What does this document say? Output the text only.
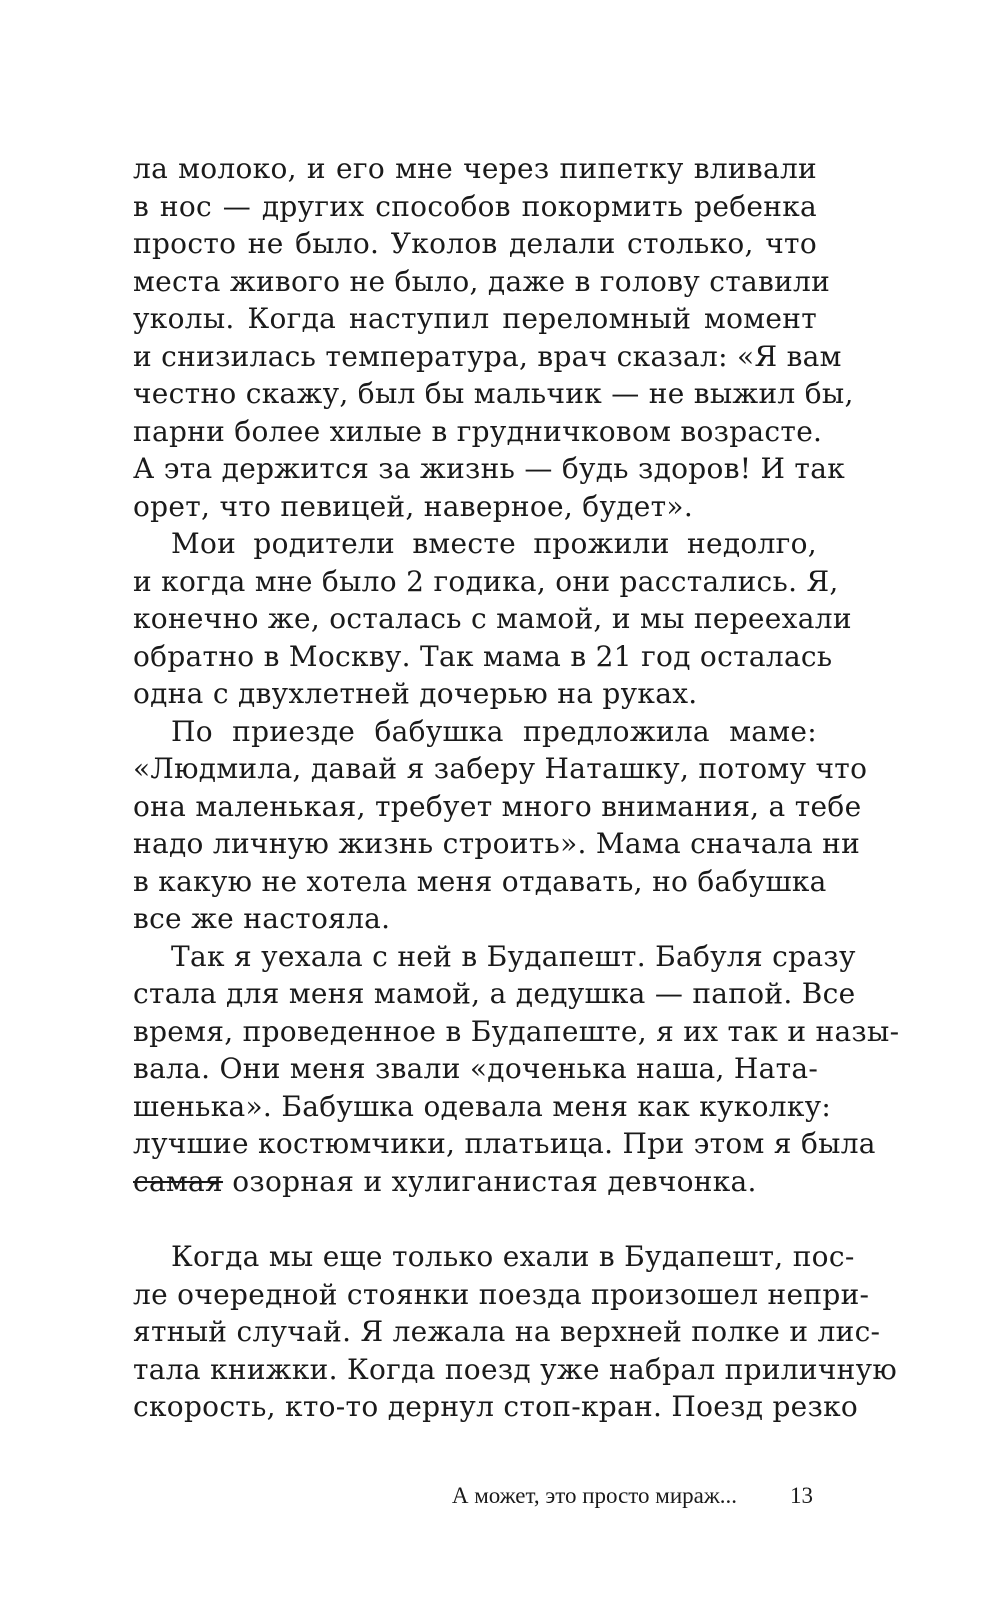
ла молоко, и его мне через пипетку вливали
в нос — других способов покормить ребенка
просто не было. Уколов делали столько, что
места живого не было, даже в голову ставили
уколы. Когда наступил переломный момент
и снизилась температура, врач сказал: «Я вам
честно скажу, был бы мальчик — не выжил бы,
парни более хилые в грудничковом возрасте.
А эта держится за жизнь — будь здоров! И так
орет, что певицей, наверное, будет».
Мои родители вместе прожили недолго,
и когда мне было 2 годика, они расстались. Я,
конечно же, осталась с мамой, и мы переехали
обратно в Москву. Так мама в 21 год осталась
одна с двухлетней дочерью на руках.
По приезде бабушка предложила маме:
«Людмила, давай я заберу Наташку, потому что
она маленькая, требует много внимания, а тебе
надо личную жизнь строить». Мама сначала ни
в какую не хотела меня отдавать, но бабушка
все же настояла.
Так я уехала с ней в Будапешт. Бабуля сразу
стала для меня мамой, а дедушка — папой. Все
время, проведенное в Будапеште, я их так и назы-
вала. Они меня звали «доченька наша, Ната-
шенька». Бабушка одевала меня как куколку:
лучшие костюмчики, платьица. При этом я была
самая озорная и хулиганистая девчонка.
Когда мы еще только ехали в Будапешт, пос-
ле очередной стоянки поезда произошел непри-
ятный случай. Я лежала на верхней полке и лис-
тала книжки. Когда поезд уже набрал приличную
скорость, кто-то дернул стоп-кран. Поезд резко
А может, это просто мираж... 13
